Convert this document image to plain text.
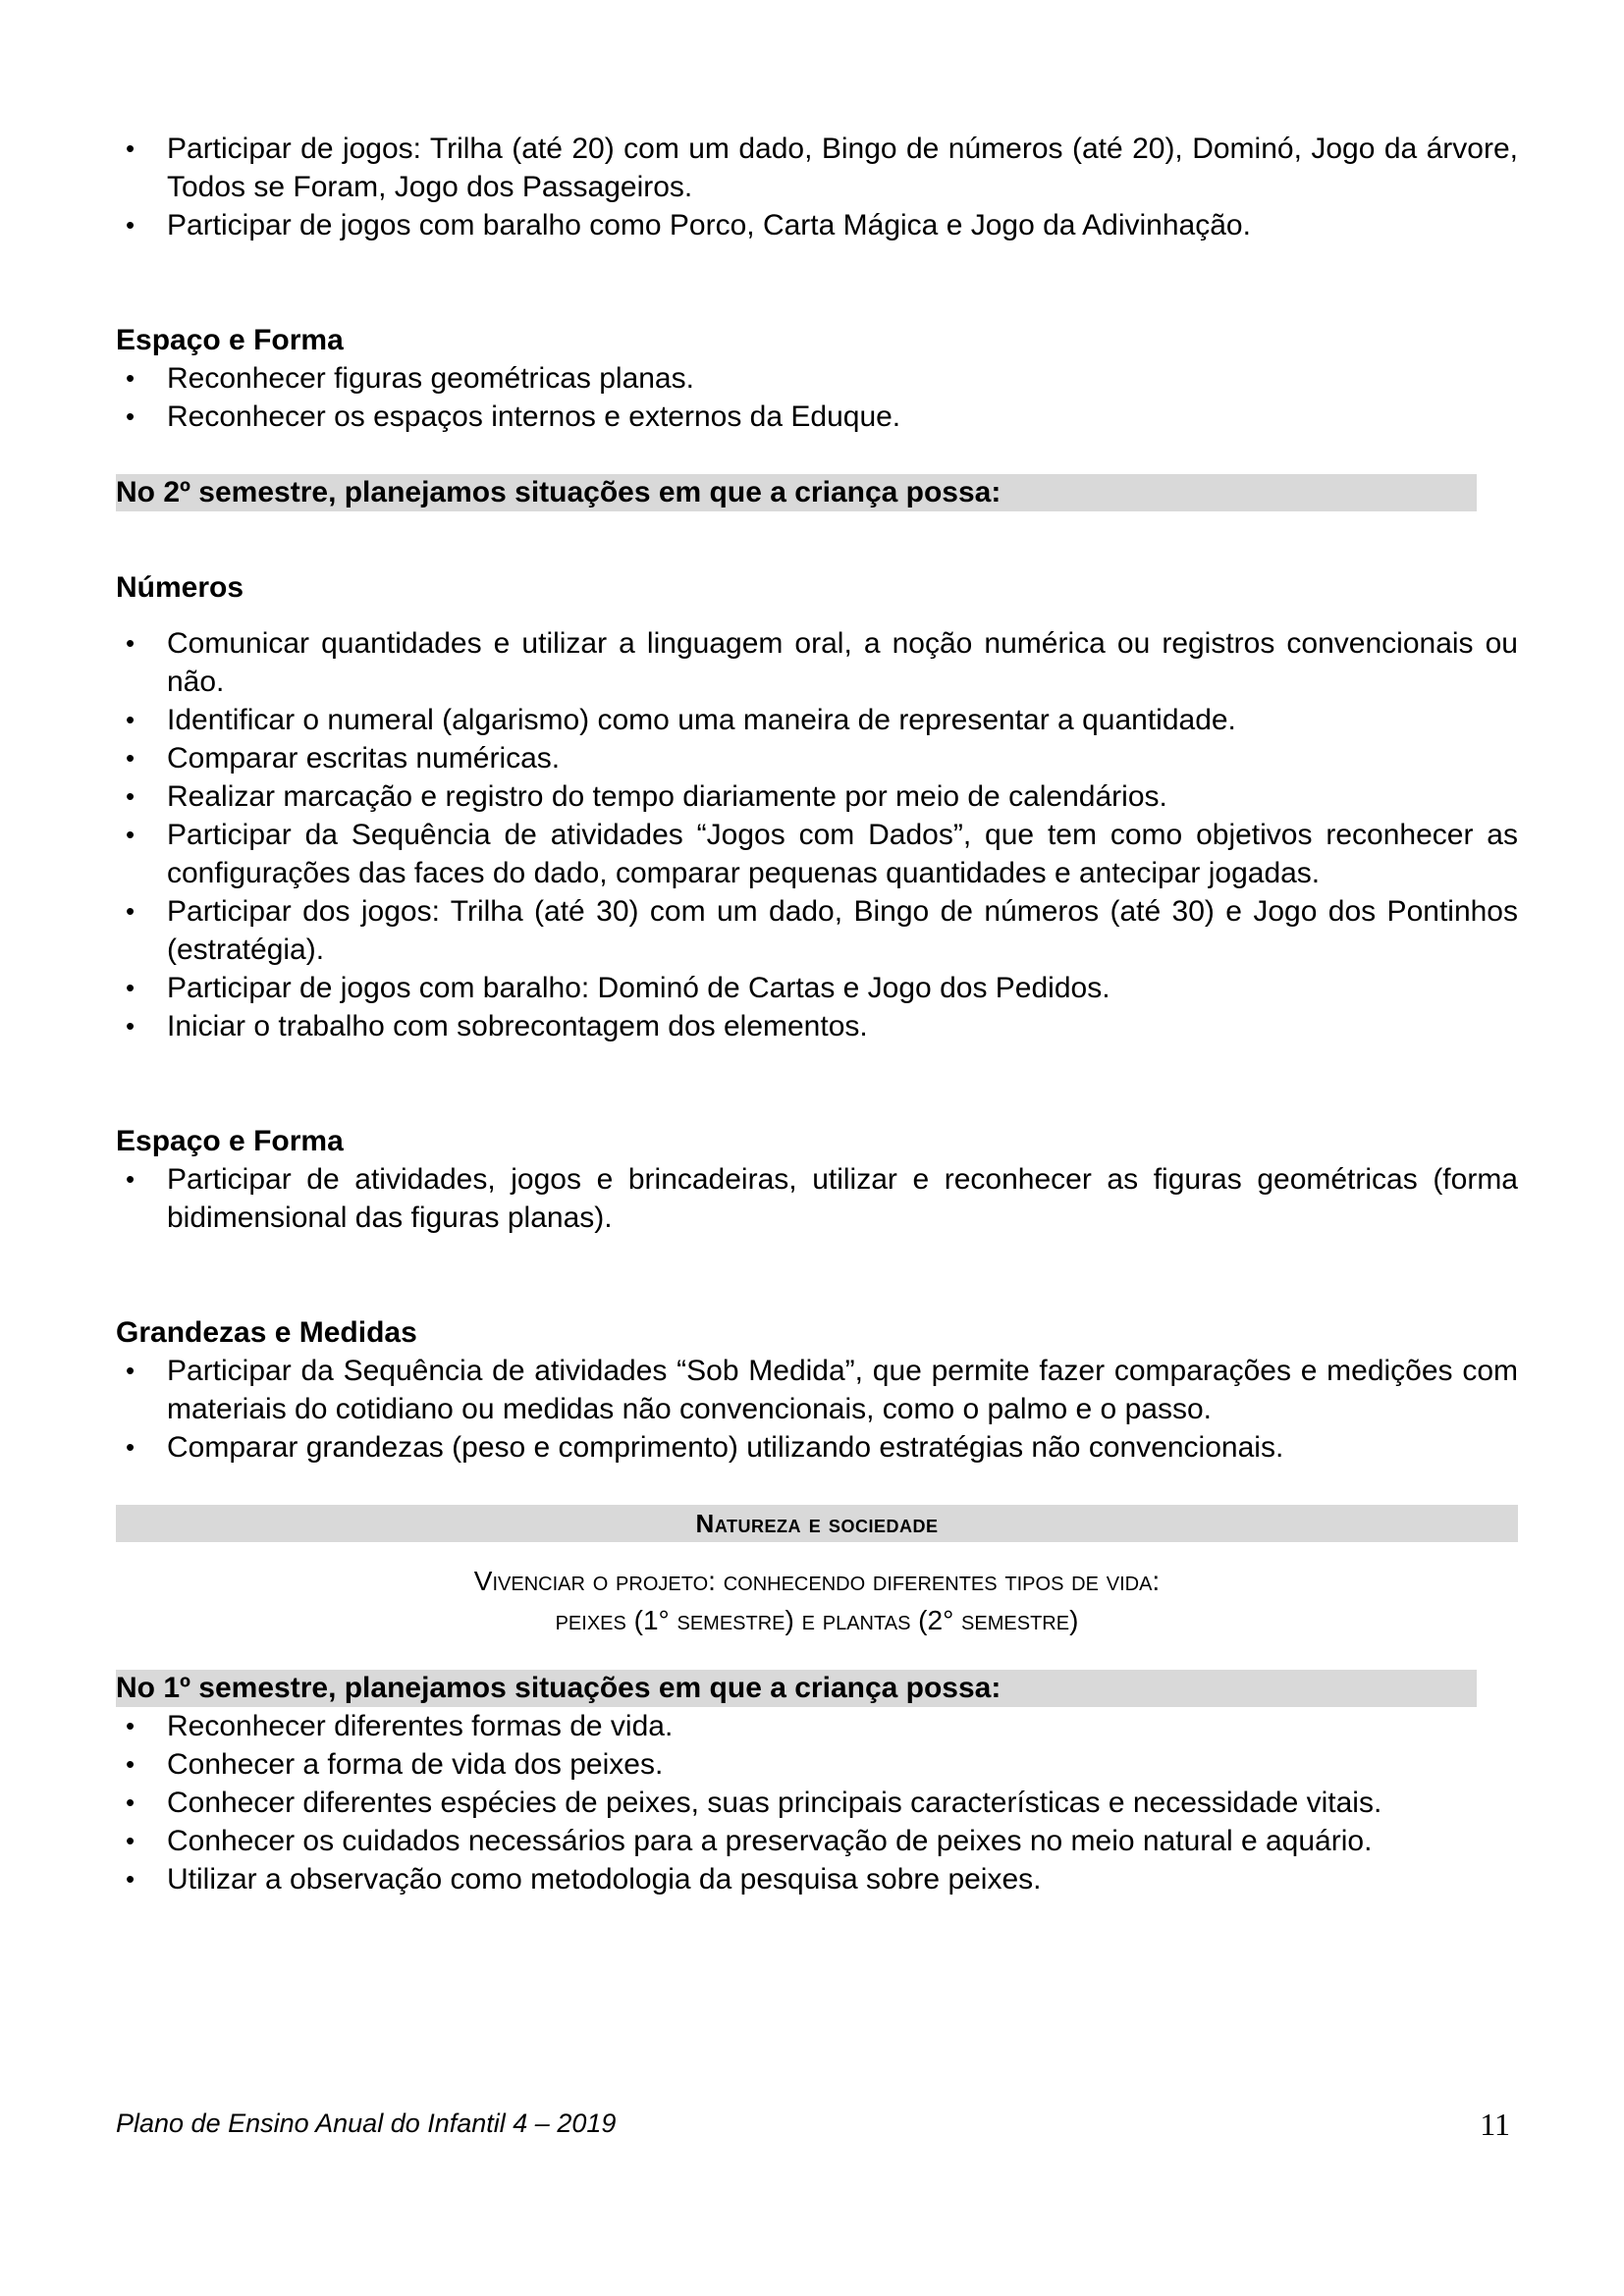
• Participar de jogos: Trilha (até 20) com um dado, Bingo de números (até 20), Dominó, Jogo da árvore, Todos se Foram, Jogo dos Passageiros.
• Participar de jogos com baralho como Porco, Carta Mágica e Jogo da Adivinhação.

Espaço e Forma

• Reconhecer figuras geométricas planas.
• Reconhecer os espaços internos e externos da Eduque.
No 2º semestre, planejamos situações em que a criança possa:

Números

• Comunicar quantidades e utilizar a linguagem oral, a noção numérica ou registros convencionais ou não.
• Identificar o numeral (algarismo) como uma maneira de representar a quantidade.
• Comparar escritas numéricas.
• Realizar marcação e registro do tempo diariamente por meio de calendários.
• Participar da Sequência de atividades “Jogos com Dados”, que tem como objetivos reconhecer as configurações das faces do dado, comparar pequenas quantidades e antecipar jogadas.
• Participar dos jogos: Trilha (até 30) com um dado, Bingo de números (até 30) e Jogo dos Pontinhos (estratégia).
• Participar de jogos com baralho: Dominó de Cartas e Jogo dos Pedidos.
• Iniciar o trabalho com sobrecontagem dos elementos.

Espaço e Forma

• Participar de atividades, jogos e brincadeiras, utilizar e reconhecer as figuras geométricas (forma bidimensional das figuras planas).

Grandezas e Medidas

• Participar da Sequência de atividades “Sob Medida”, que permite fazer comparações e medições com materiais do cotidiano ou medidas não convencionais, como o palmo e o passo.
• Comparar grandezas (peso e comprimento) utilizando estratégias não convencionais.
Natureza e sociedade
Vivenciar o projeto: conhecendo diferentes tipos de vida:
peixes (1° semestre) e plantas (2° semestre)
No 1º semestre, planejamos situações em que a criança possa:
• Reconhecer diferentes formas de vida.
• Conhecer a forma de vida dos peixes.
• Conhecer diferentes espécies de peixes, suas principais características e necessidade vitais.
• Conhecer os cuidados necessários para a preservação de peixes no meio natural e aquário.
• Utilizar a observação como metodologia da pesquisa sobre peixes.
Plano de Ensino Anual do Infantil 4 – 2019	11
